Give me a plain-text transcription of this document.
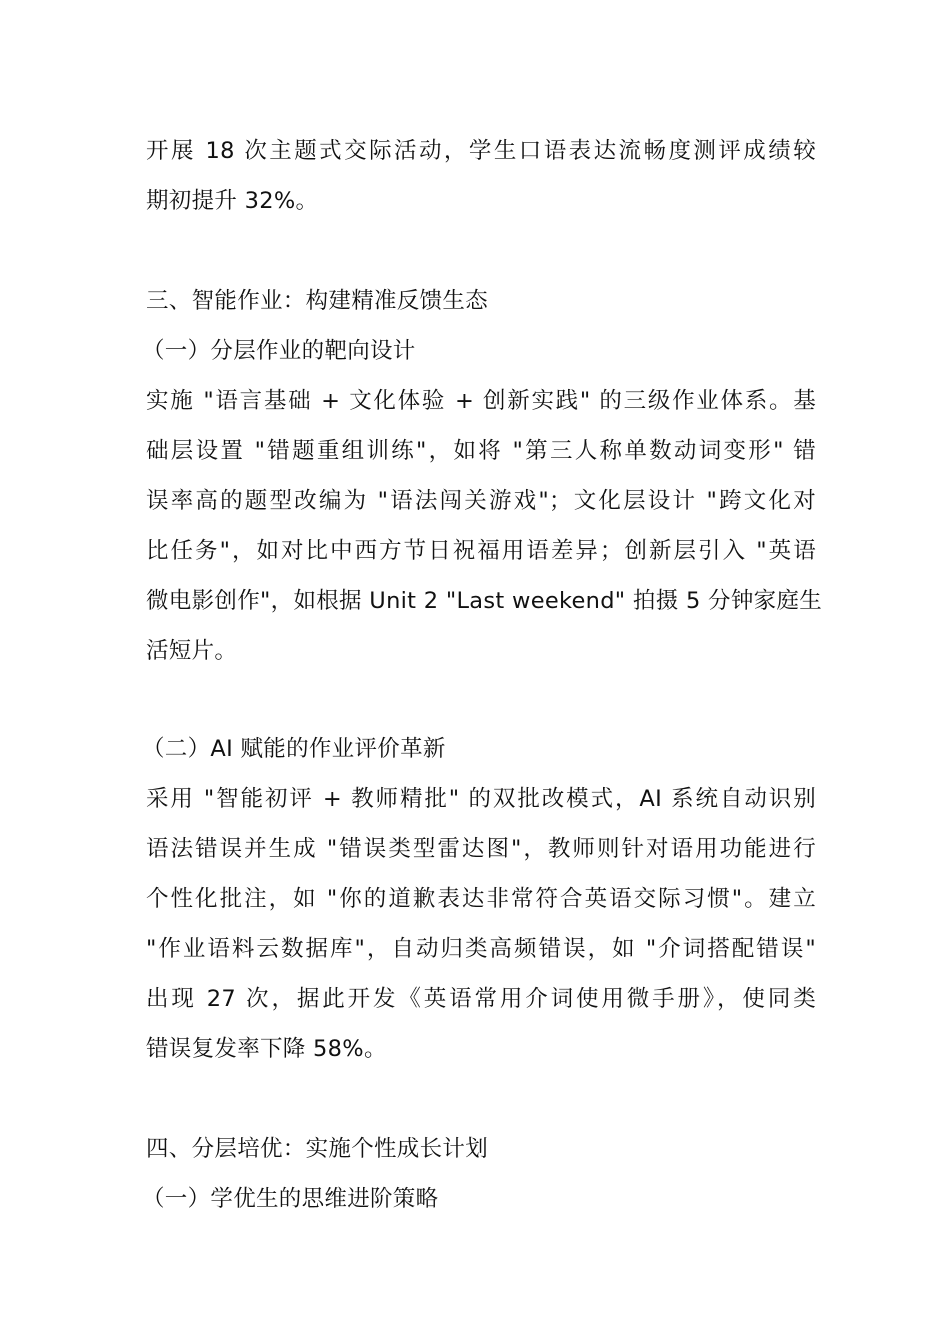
开展 18 次主题式交际活动，学生口语表达流畅度测评成绩较
期初提升 32%。
三、智能作业：构建精准反馈生态
（一）分层作业的靶向设计
实施 "语言基础 + 文化体验 + 创新实践" 的三级作业体系。基
础层设置 "错题重组训练"，如将 "第三人称单数动词变形" 错
误率高的题型改编为 "语法闯关游戏"；文化层设计 "跨文化对
比任务"，如对比中西方节日祝福用语差异；创新层引入 "英语
微电影创作"，如根据 Unit 2 "Last weekend" 拍摄 5 分钟家庭生
活短片。
（二）AI 赋能的作业评价革新
采用 "智能初评 + 教师精批" 的双批改模式，AI 系统自动识别
语法错误并生成 "错误类型雷达图"，教师则针对语用功能进行
个性化批注，如 "你的道歉表达非常符合英语交际习惯"。建立
"作业语料云数据库"，自动归类高频错误，如 "介词搭配错误"
出现 27 次，据此开发《英语常用介词使用微手册》，使同类
错误复发率下降 58%。
四、分层培优：实施个性成长计划
（一）学优生的思维进阶策略
